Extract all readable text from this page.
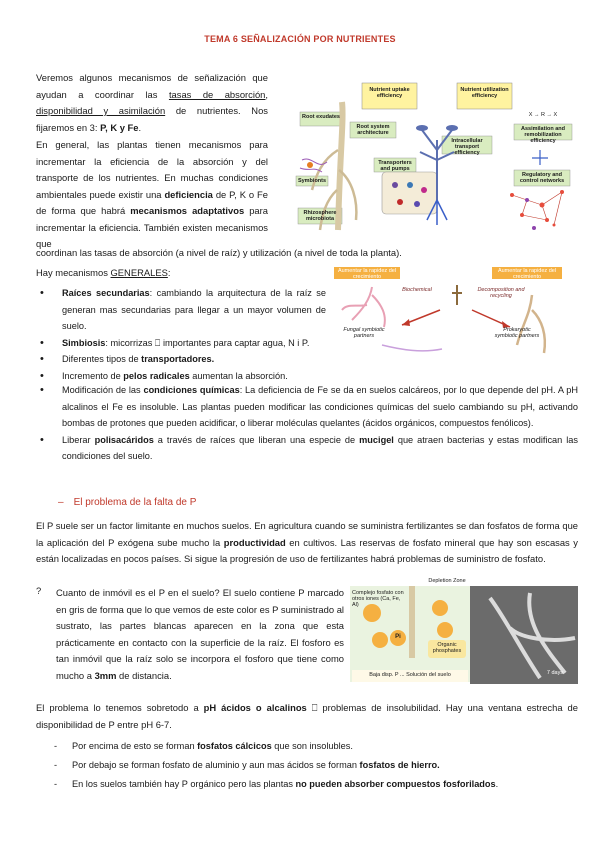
TEMA 6 SEÑALIZACIÓN POR NUTRIENTES
Veremos algunos mecanismos de señalización que ayudan a coordinar las tasas de absorción, disponibilidad y asimilación de nutrientes. Nos fijaremos en 3: P, K y Fe.
En general, las plantas tienen mecanismos para incrementar la eficiencia de la absorción y del transporte de los nutrientes. En muchas condiciones ambientales puede existir una deficiencia de P, K o Fe de forma que habrá mecanismos adaptativos para incrementar la eficiencia. También existen mecanismos que
coordinan las tasas de absorción (a nivel de raíz) y utilización (a nivel de toda la planta).
Nutrient uptake efficiency
Nutrient utilization efficiency
Root exudates
Root system architecture
Transporters and pumps
Symbionts
Rhizosphere microbiota
Intracellular transport efficiency
Assimilation and remobilization efficiency
Regulatory and control networks
X → R → X
Hay mecanismos GENERALES:
• Raíces secundarias: cambiando la arquitectura de la raíz se generan mas secundarias para llegar a un mayor volumen de suelo.
• Simbiosis: micorrizas ⎕ importantes para captar agua, N i P.
• Diferentes tipos de transportadores.
• Incremento de pelos radicales aumentan la absorción.
• Modificación de las condiciones químicas: La deficiencia de Fe se da en suelos calcáreos, por lo que depende del pH. A pH alcalinos el Fe es insoluble. Las plantas pueden modificar las condiciones químicas del suelo cambiando su pH, activando bombas de protones que pueden acidificar, o liberar moléculas quelantes (ácidos orgánicos, compuestos fenólicos).
• Liberar polisacáridos a través de raíces que liberan una especie de mucigel que atraen bacterias y estas modifican las condiciones del suelo.
Aumentar la rapidez del crecimiento
Aumentar la rapidez del crecimiento
Biochemical	Decomposition and recycling
Fungal symbiotic partners
Prokaryotic symbiotic partners
– El problema de la falta de P
El P suele ser un factor limitante en muchos suelos. En agricultura cuando se suministra fertilizantes se dan fosfatos de forma que la aplicación del P exógena sube mucho la productividad en cultivos. Las reservas de fosfato mineral que hay son escasas y están localizadas en pocos países. Si sigue la progresión de uso de fertilizantes habrá problemas de suministro de fosfato.
?	Cuanto de inmóvil es el P en el suelo? El suelo contiene P marcado en gris de forma que lo que vemos de este color es P suministrado al sustrato, las partes blancas aparecen en la zona que esta prácticamente en contacto con la superficie de la raíz. El fosforo es tan inmóvil que la raíz solo se incorpora el fosforo que tiene como mucho a 3mm de distancia.
Depletion Zone
Complejo fosfato con otros iones (Ca, Fe, Al)
Pi
Organic phosphates
Baja disp. P ... Solución del suelo	7 days
El problema lo tenemos sobretodo a pH ácidos o alcalinos ⎕ problemas de insolubilidad. Hay una ventana estrecha de disponibilidad de P entre pH 6-7.
- Por encima de esto se forman fosfatos cálcicos que son insolubles.
- Por debajo se forman fosfato de aluminio y aun mas ácidos se forman fosfatos de hierro.
- En los suelos también hay P orgánico pero las plantas no pueden absorber compuestos fosforilados.
